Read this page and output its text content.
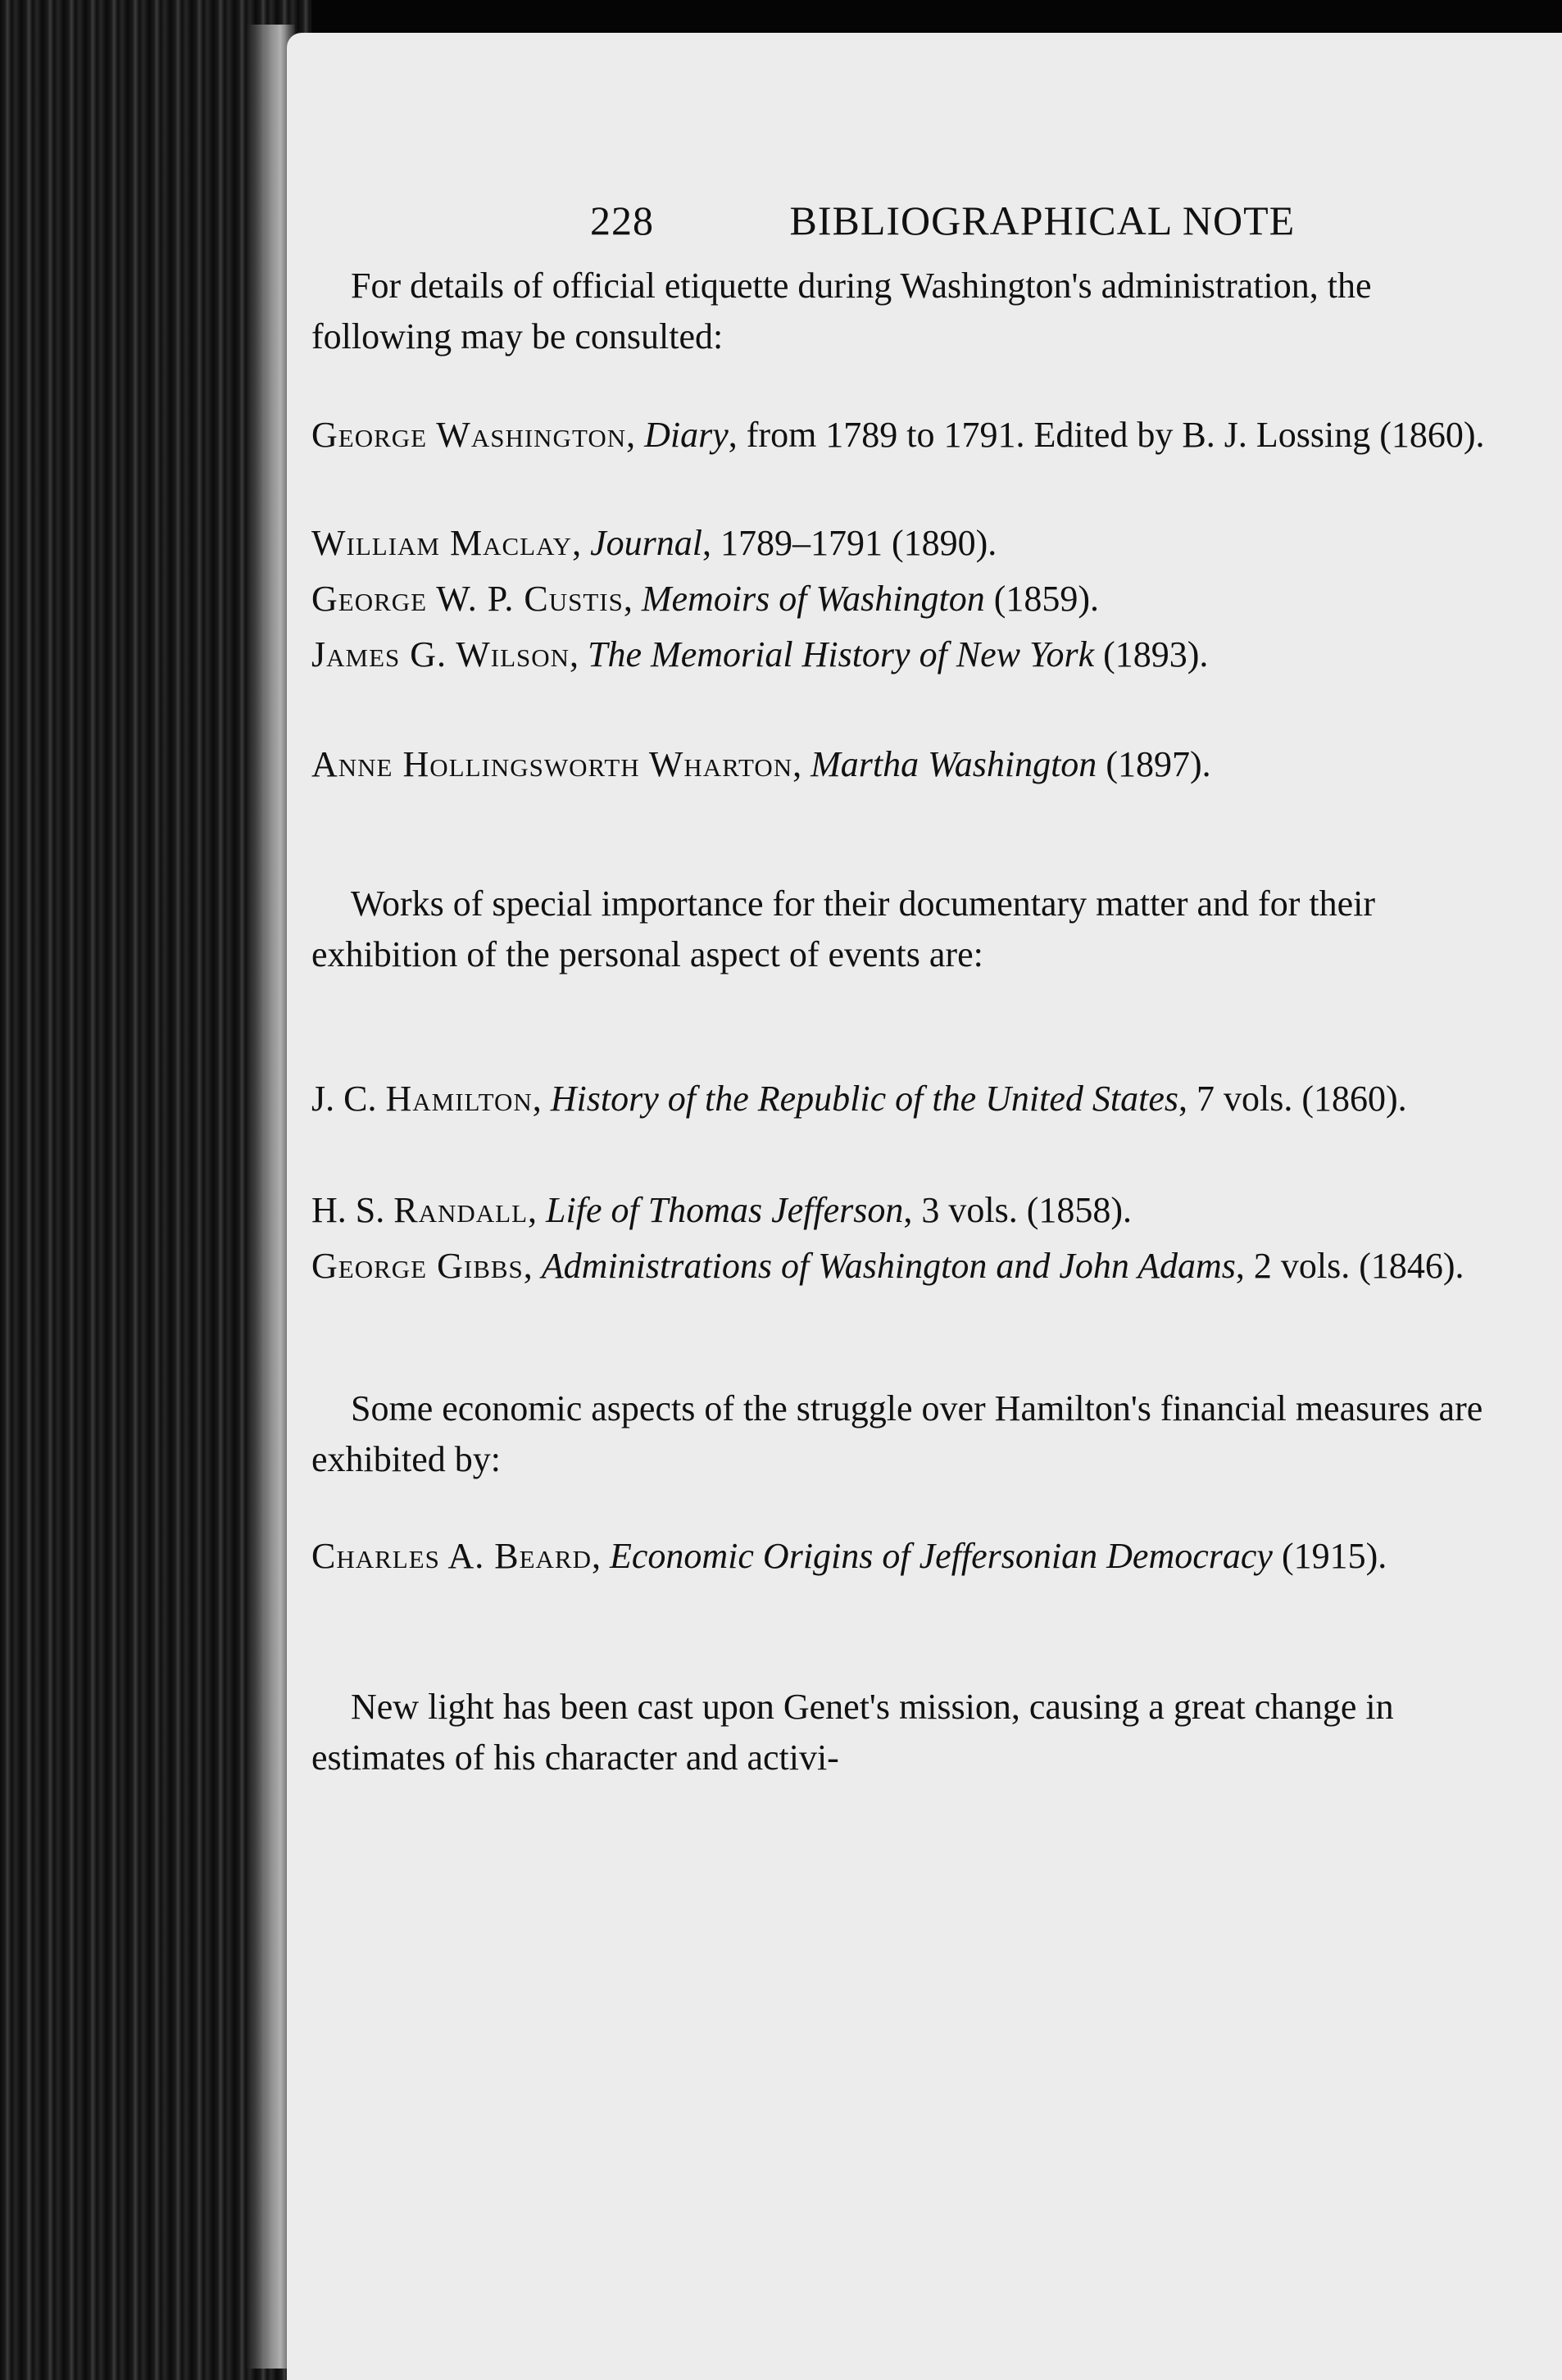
228	BIBLIOGRAPHICAL NOTE

For details of official etiquette during Washington's administration, the following may be consulted:

George Washington, Diary, from 1789 to 1791. Edited by B. J. Lossing (1860).
William Maclay, Journal, 1789–1791 (1890).
George W. P. Custis, Memoirs of Washington (1859).
James G. Wilson, The Memorial History of New York (1893).
Anne Hollingsworth Wharton, Martha Washington (1897).

Works of special importance for their documentary matter and for their exhibition of the personal aspect of events are:

J. C. Hamilton, History of the Republic of the United States, 7 vols. (1860).
H. S. Randall, Life of Thomas Jefferson, 3 vols. (1858).
George Gibbs, Administrations of Washington and John Adams, 2 vols. (1846).

Some economic aspects of the struggle over Hamilton's financial measures are exhibited by:

Charles A. Beard, Economic Origins of Jeffersonian Democracy (1915).

New light has been cast upon Genet's mission, causing a great change in estimates of his character and activi-
